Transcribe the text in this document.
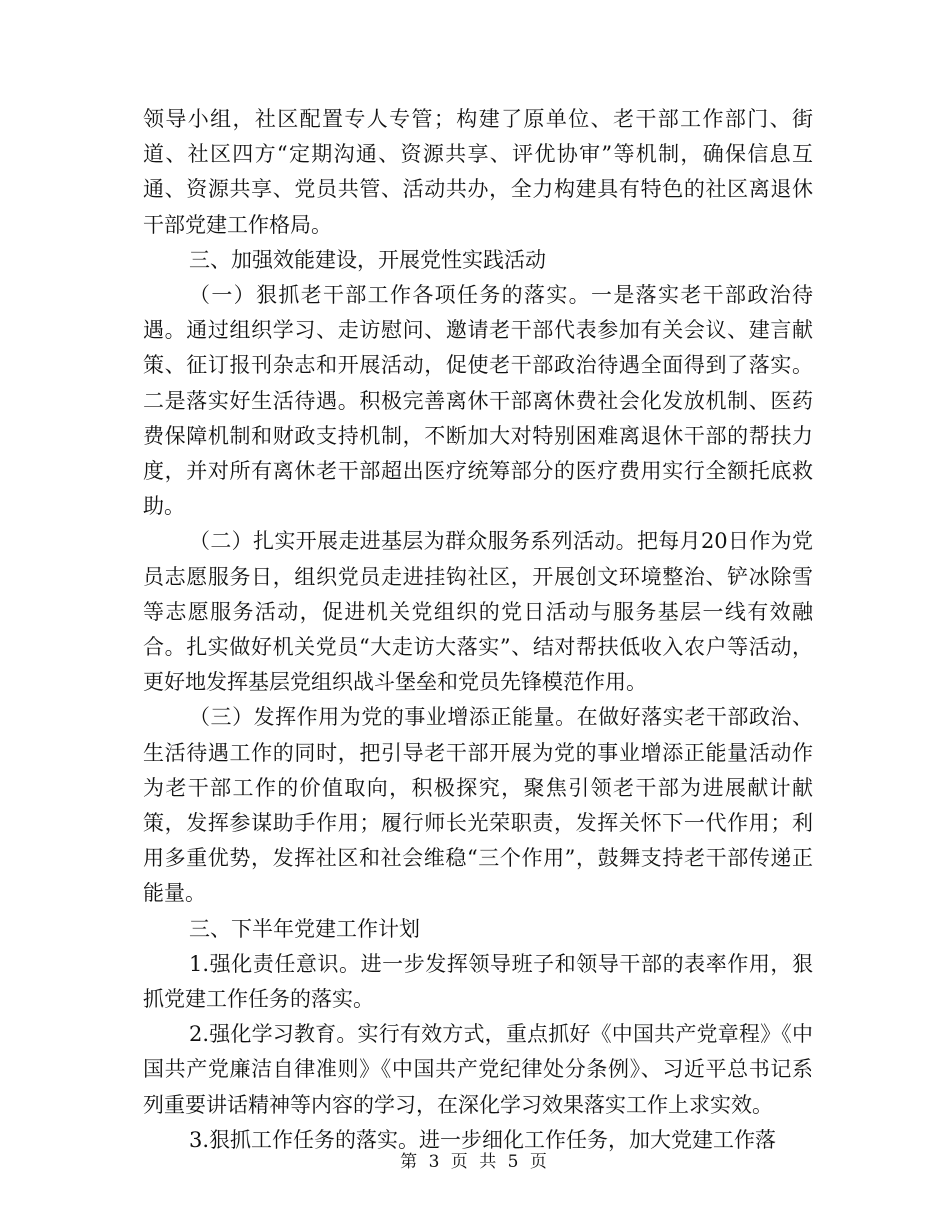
领导小组，社区配置专人专管；构建了原单位、老干部工作部门、街道、社区四方“定期沟通、资源共享、评优协审”等机制，确保信息互通、资源共享、党员共管、活动共办，全力构建具有特色的社区离退休干部党建工作格局。

三、加强效能建设，开展党性实践活动

（一）狠抓老干部工作各项任务的落实。一是落实老干部政治待遇。通过组织学习、走访慰问、邀请老干部代表参加有关会议、建言献策、征订报刊杂志和开展活动，促使老干部政治待遇全面得到了落实。二是落实好生活待遇。积极完善离休干部离休费社会化发放机制、医药费保障机制和财政支持机制，不断加大对特别困难离退休干部的帮扶力度，并对所有离休老干部超出医疗统筹部分的医疗费用实行全额托底救助。

（二）扎实开展走进基层为群众服务系列活动。把每月20日作为党员志愿服务日，组织党员走进挂钩社区，开展创文环境整治、铲冰除雪等志愿服务活动，促进机关党组织的党日活动与服务基层一线有效融合。扎实做好机关党员“大走访大落实”、结对帮扶低收入农户等活动，更好地发挥基层党组织战斗堡垒和党员先锋模范作用。

（三）发挥作用为党的事业增添正能量。在做好落实老干部政治、生活待遇工作的同时，把引导老干部开展为党的事业增添正能量活动作为老干部工作的价值取向，积极探究，聚焦引领老干部为进展献计献策，发挥参谋助手作用；履行师长光荣职责，发挥关怀下一代作用；利用多重优势，发挥社区和社会维稳“三个作用”，鼓舞支持老干部传递正能量。

三、下半年党建工作计划

1.强化责任意识。进一步发挥领导班子和领导干部的表率作用，狠抓党建工作任务的落实。

2.强化学习教育。实行有效方式，重点抓好《中国共产党章程》《中国共产党廉洁自律准则》《中国共产党纪律处分条例》、习近平总书记系列重要讲话精神等内容的学习，在深化学习效果落实工作上求实效。

3.狠抓工作任务的落实。进一步细化工作任务，加大党建工作落

第 3 页 共 5 页
